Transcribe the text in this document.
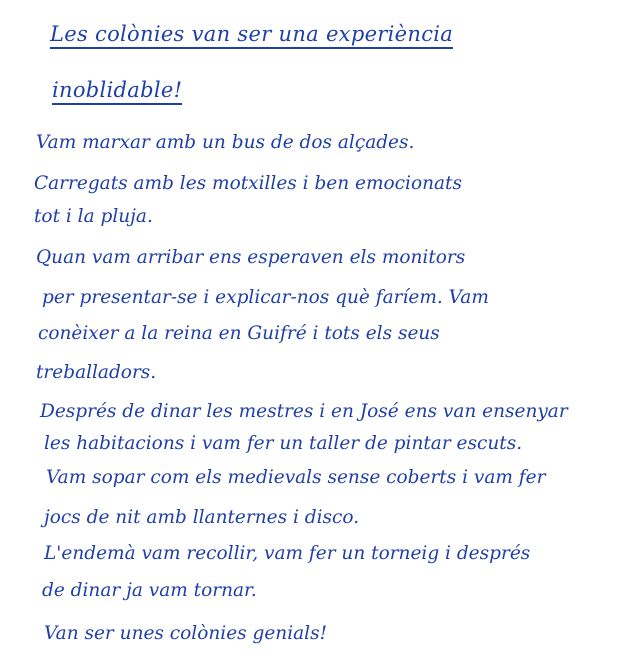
Les colònies van ser una experiència
inoblidable!
Vam marxar amb un bus de dos alçades.
Carregats amb les motxilles i ben emocionats
tot i la pluja.
Quan vam arribar ens esperaven els monitors
per presentar-se i explicar-nos què faríem. Vam
conèixer a la reina en Guifré i tots els seus
treballadors.
Després de dinar les mestres i en José ens van ensenyar
les habitacions i vam fer un taller de pintar escuts.
Vam sopar com els medievals sense coberts i vam fer
jocs de nit amb llanternes i disco.
L'endemà vam recollir, vam fer un torneig i després
de dinar ja vam tornar.
Van ser unes colònies genials!
